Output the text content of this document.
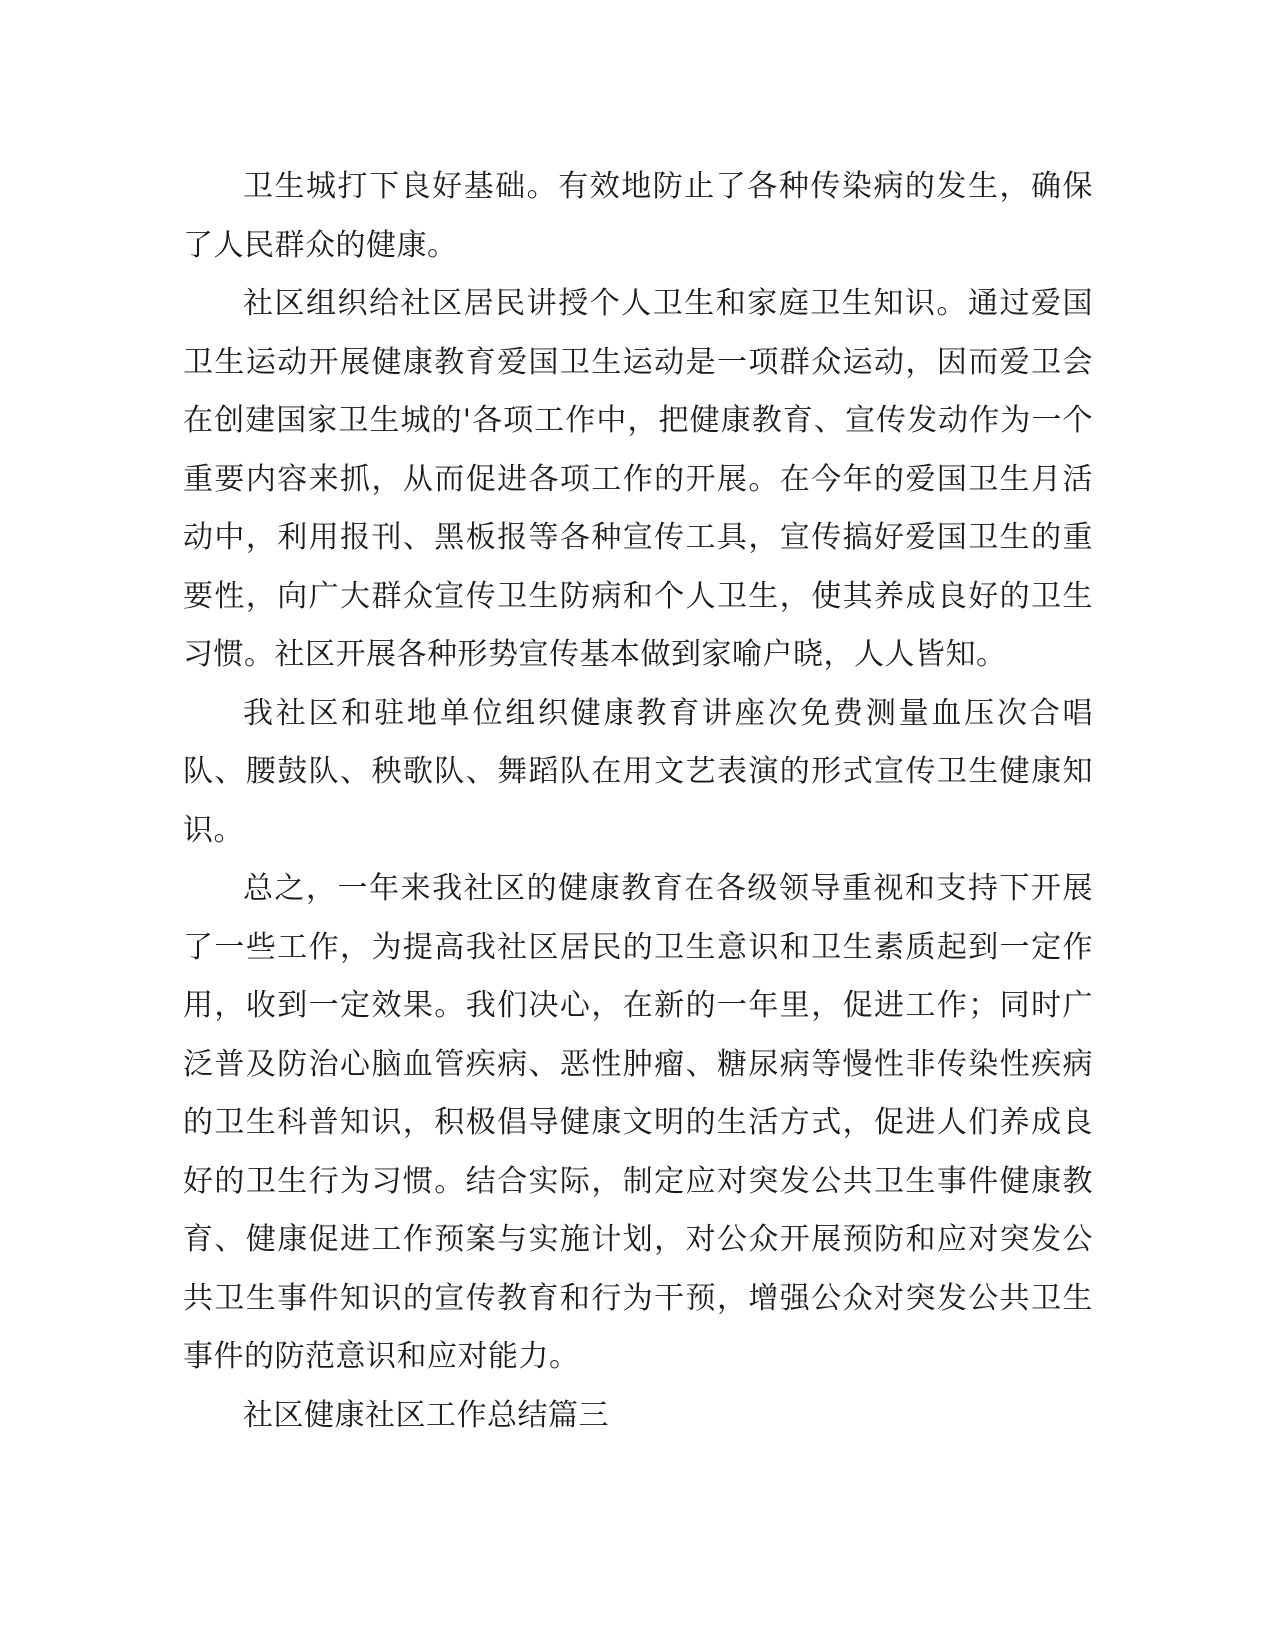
卫生城打下良好基础。有效地防止了各种传染病的发生，确保了人民群众的健康。

社区组织给社区居民讲授个人卫生和家庭卫生知识。通过爱国卫生运动开展健康教育爱国卫生运动是一项群众运动，因而爱卫会在创建国家卫生城的'各项工作中，把健康教育、宣传发动作为一个重要内容来抓，从而促进各项工作的开展。在今年的爱国卫生月活动中，利用报刊、黑板报等各种宣传工具，宣传搞好爱国卫生的重要性，向广大群众宣传卫生防病和个人卫生，使其养成良好的卫生习惯。社区开展各种形势宣传基本做到家喻户晓，人人皆知。

我社区和驻地单位组织健康教育讲座次免费测量血压次合唱队、腰鼓队、秧歌队、舞蹈队在用文艺表演的形式宣传卫生健康知识。

总之，一年来我社区的健康教育在各级领导重视和支持下开展了一些工作，为提高我社区居民的卫生意识和卫生素质起到一定作用，收到一定效果。我们决心，在新的一年里，促进工作；同时广泛普及防治心脑血管疾病、恶性肿瘤、糖尿病等慢性非传染性疾病的卫生科普知识，积极倡导健康文明的生活方式，促进人们养成良好的卫生行为习惯。结合实际，制定应对突发公共卫生事件健康教育、健康促进工作预案与实施计划，对公众开展预防和应对突发公共卫生事件知识的宣传教育和行为干预，增强公众对突发公共卫生事件的防范意识和应对能力。

社区健康社区工作总结篇三
